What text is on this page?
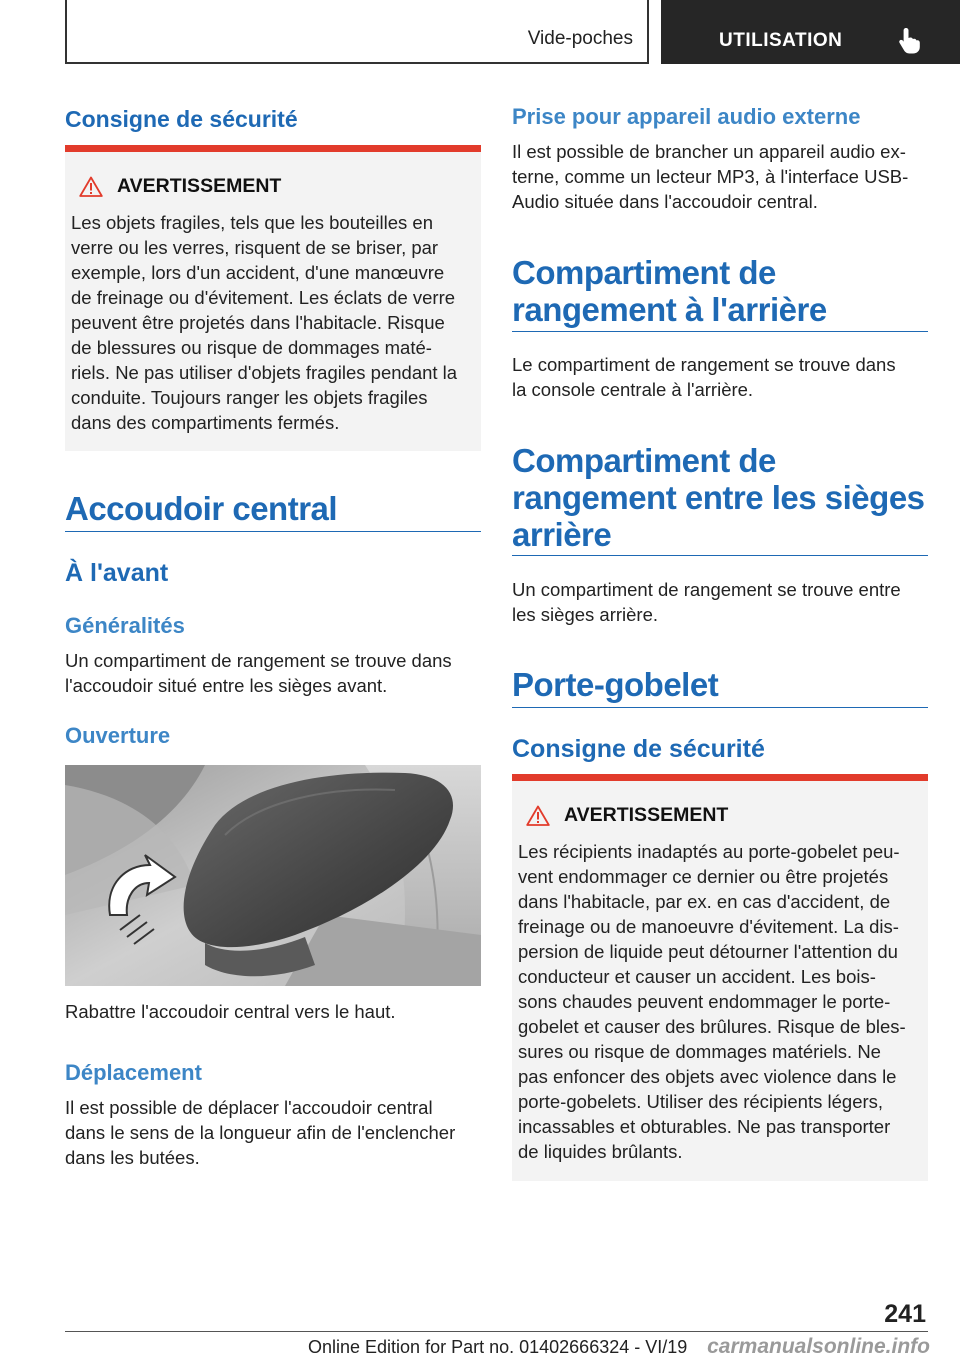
Vide-poches	UTILISATION
Consigne de sécurité
AVERTISSEMENT
Les objets fragiles, tels que les bouteilles en
verre ou les verres, risquent de se briser, par
exemple, lors d'un accident, d'une manœuvre
de freinage ou d'évitement. Les éclats de verre
peuvent être projetés dans l'habitacle. Risque
de blessures ou risque de dommages maté-
riels. Ne pas utiliser d'objets fragiles pendant la
conduite. Toujours ranger les objets fragiles
dans des compartiments fermés.
Accoudoir central
À l'avant
Généralités
Un compartiment de rangement se trouve dans
l'accoudoir situé entre les sièges avant.
Ouverture
Rabattre l'accoudoir central vers le haut.
Déplacement
Il est possible de déplacer l'accoudoir central
dans le sens de la longueur afin de l'enclencher
dans les butées.
Prise pour appareil audio externe
Il est possible de brancher un appareil audio ex-
terne, comme un lecteur MP3, à l'interface USB-
Audio située dans l'accoudoir central.
Compartiment de
rangement à l'arrière
Le compartiment de rangement se trouve dans
la console centrale à l'arrière.
Compartiment de
rangement entre les sièges
arrière
Un compartiment de rangement se trouve entre
les sièges arrière.
Porte-gobelet
Consigne de sécurité
AVERTISSEMENT
Les récipients inadaptés au porte-gobelet peu-
vent endommager ce dernier ou être projetés
dans l'habitacle, par ex. en cas d'accident, de
freinage ou de manoeuvre d'évitement. La dis-
persion de liquide peut détourner l'attention du
conducteur et causer un accident. Les bois-
sons chaudes peuvent endommager le porte-
gobelet et causer des brûlures. Risque de bles-
sures ou risque de dommages matériels. Ne
pas enfoncer des objets avec violence dans le
porte-gobelets. Utiliser des récipients légers,
incassables et obturables. Ne pas transporter
de liquides brûlants.
241
Online Edition for Part no. 01402666324 - VI/19 carmanualsonline.info
